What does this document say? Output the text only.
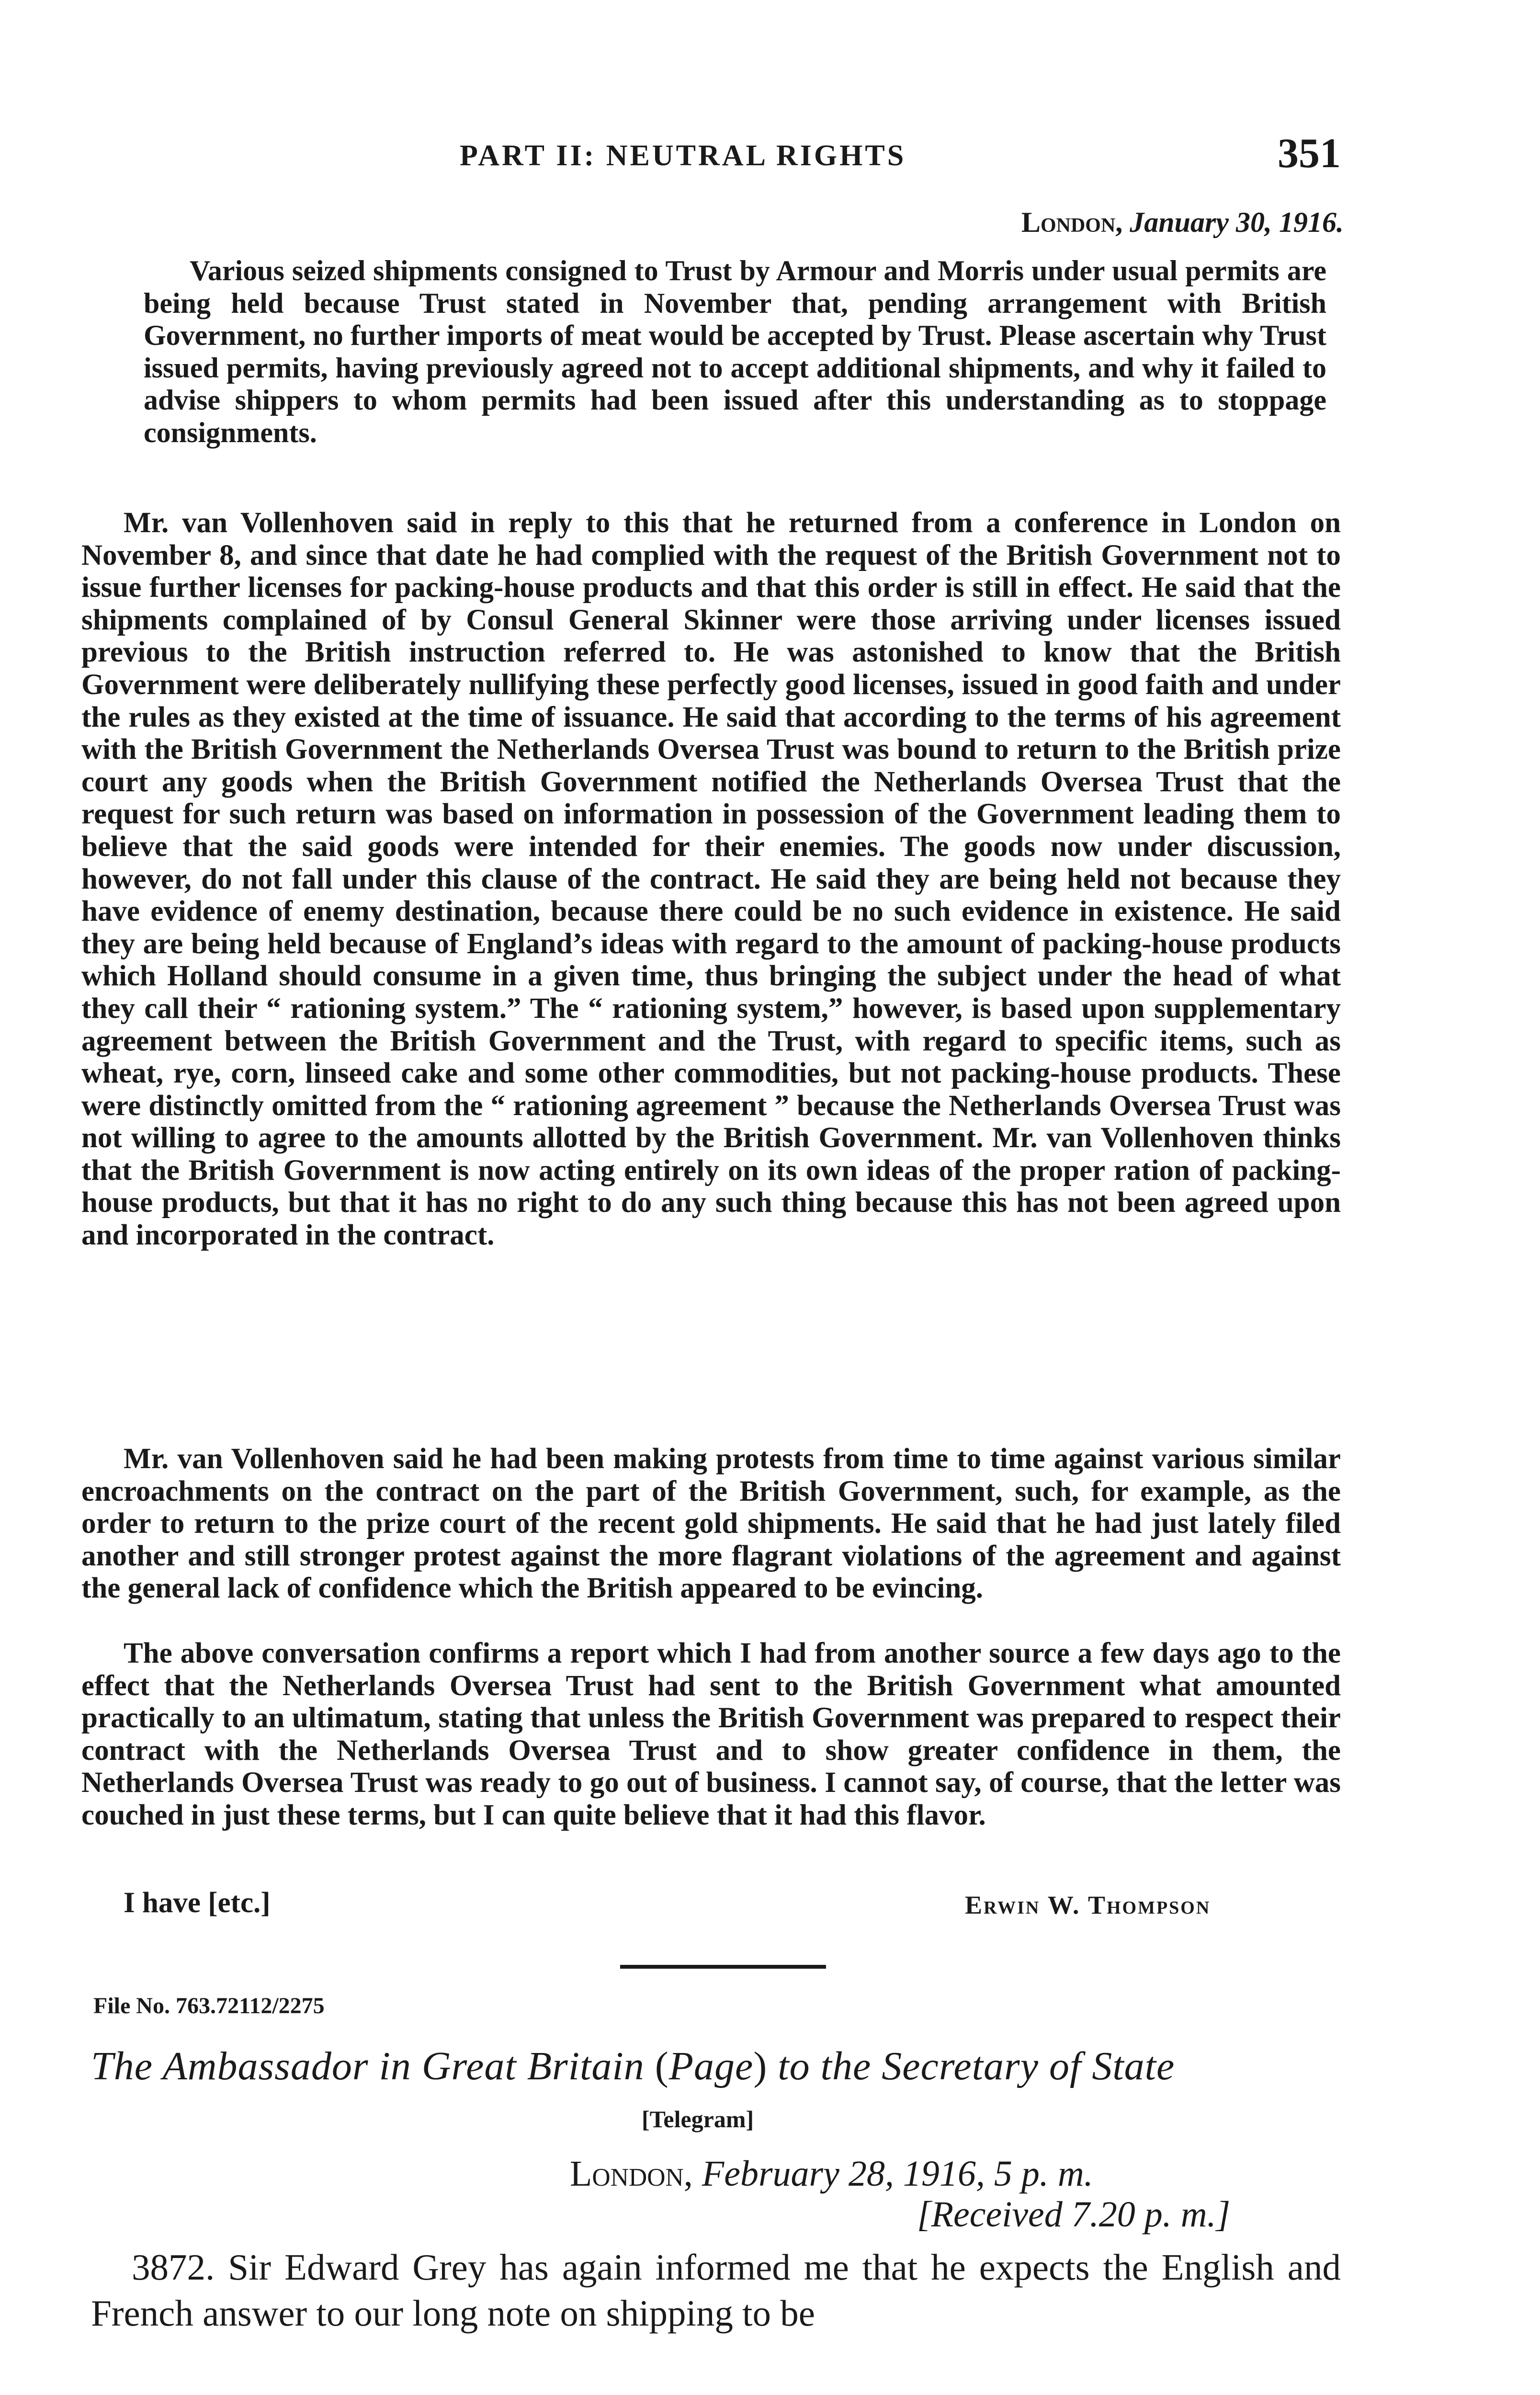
PART II: NEUTRAL RIGHTS	351
London, January 30, 1916.

Various seized shipments consigned to Trust by Armour and Morris under usual permits are being held because Trust stated in November that, pending arrangement with British Government, no further imports of meat would be accepted by Trust. Please ascertain why Trust issued permits, having previously agreed not to accept additional shipments, and why it failed to advise shippers to whom permits had been issued after this understanding as to stoppage consignments.

Mr. van Vollenhoven said in reply to this that he returned from a conference in London on November 8, and since that date he had complied with the request of the British Government not to issue further licenses for packing-house products and that this order is still in effect. He said that the shipments complained of by Consul General Skinner were those arriving under licenses issued previous to the British instruction referred to. He was astonished to know that the British Government were deliberately nullifying these perfectly good licenses, issued in good faith and under the rules as they existed at the time of issuance. He said that according to the terms of his agreement with the British Government the Netherlands Oversea Trust was bound to return to the British prize court any goods when the British Government notified the Netherlands Oversea Trust that the request for such return was based on information in possession of the Government leading them to believe that the said goods were intended for their enemies. The goods now under discussion, however, do not fall under this clause of the contract. He said they are being held not because they have evidence of enemy destination, because there could be no such evidence in existence. He said they are being held because of England’s ideas with regard to the amount of packing-house products which Holland should consume in a given time, thus bringing the subject under the head of what they call their “ rationing system.” The “ rationing system,” however, is based upon supplementary agreement between the British Government and the Trust, with regard to specific items, such as wheat, rye, corn, linseed cake and some other commodities, but not packing-house products. These were distinctly omitted from the “ rationing agreement ” because the Netherlands Oversea Trust was not willing to agree to the amounts allotted by the British Government. Mr. van Vollenhoven thinks that the British Government is now acting entirely on its own ideas of the proper ration of packing-house products, but that it has no right to do any such thing because this has not been agreed upon and incorporated in the contract.

Mr. van Vollenhoven said he had been making protests from time to time against various similar encroachments on the contract on the part of the British Government, such, for example, as the order to return to the prize court of the recent gold shipments. He said that he had just lately filed another and still stronger protest against the more flagrant violations of the agreement and against the general lack of confidence which the British appeared to be evincing.

The above conversation confirms a report which I had from another source a few days ago to the effect that the Netherlands Oversea Trust had sent to the British Government what amounted practically to an ultimatum, stating that unless the British Government was prepared to respect their contract with the Netherlands Oversea Trust and to show greater confidence in them, the Netherlands Oversea Trust was ready to go out of business. I cannot say, of course, that the letter was couched in just these terms, but I can quite believe that it had this flavor.

I have [etc.]	Erwin W. Thompson
File No. 763.72112/2275
The Ambassador in Great Britain (Page) to the Secretary of State
[Telegram]
London, February 28, 1916, 5 p. m.
[Received 7.20 p. m.]

3872. Sir Edward Grey has again informed me that he expects the English and French answer to our long note on shipping to be
